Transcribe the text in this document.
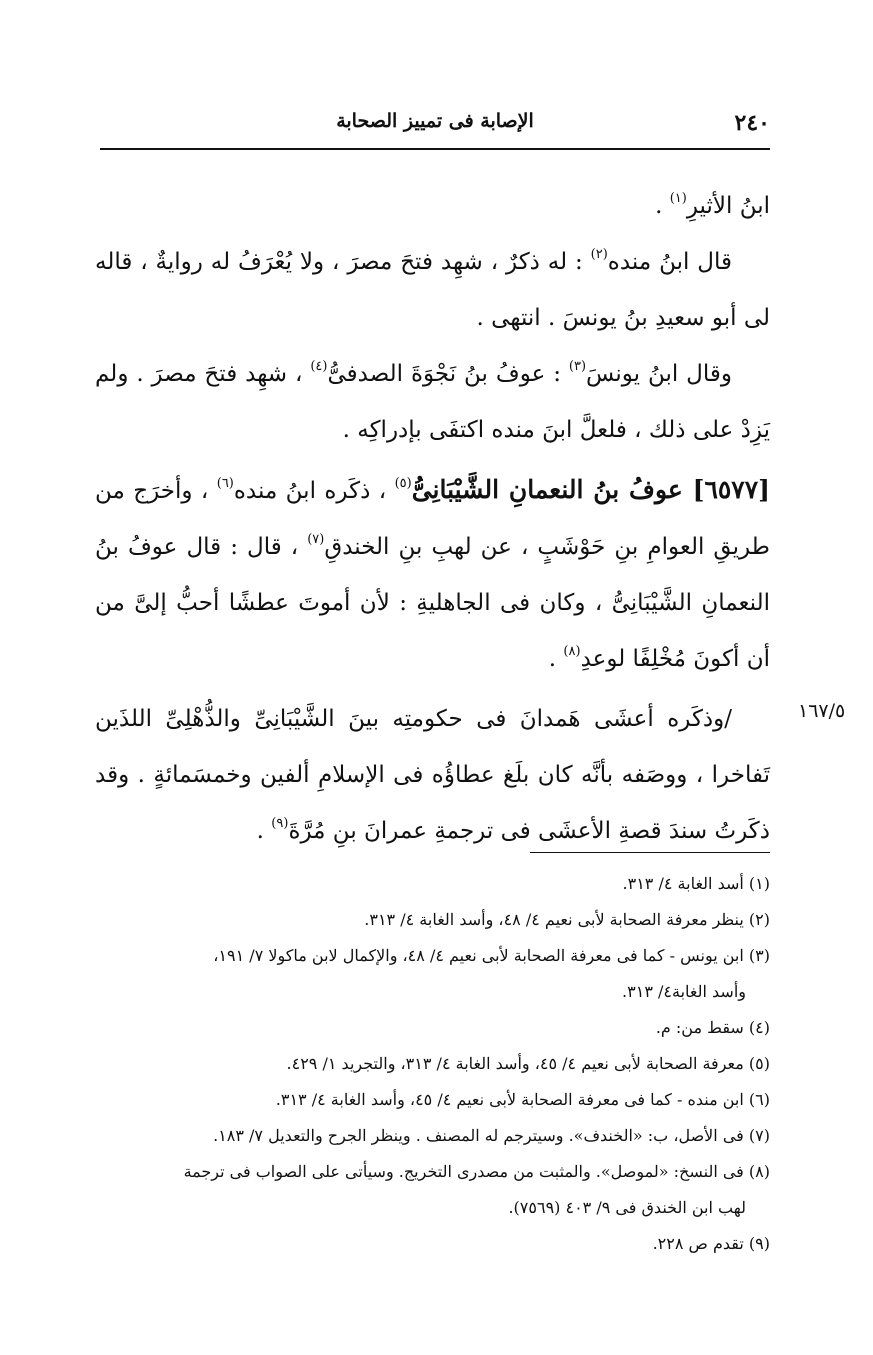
٢٤٠
الإصابة فى تمييز الصحابة

ابنُ الأثيرِ$^{(١)}$ .

قال ابنُ منده$^{(٢)}$ : له ذكرٌ ، شهِد فتحَ مصرَ ، ولا يُعْرَفُ له روايةٌ ، قاله لى أبو سعيدِ بنُ يونسَ . انتهى .

وقال ابنُ يونسَ$^{(٣)}$ : عوفُ بنُ نَجْوَةَ الصدفىُّ$^{(٤)}$ ، شهِد فتحَ مصرَ . ولم يَزِدْ على ذلك ، فلعلَّ ابنَ منده اكتفَى بإدراكِه .

[٦٥٧٧] عوفُ بنُ النعمانِ الشَّيْبَانِىُّ$^{(٥)}$ ، ذكَره ابنُ منده$^{(٦)}$ ، وأخرَج من طريقِ العوامِ بنِ حَوْشَبٍ ، عن لهبِ بنِ الخندقِ$^{(٧)}$ ، قال : قال عوفُ بنُ النعمانِ الشَّيْبَانِىُّ ، وكان فى الجاهليةِ : لأن أموتَ عطشًا أحبُّ إلىَّ من أن أكونَ مُخْلِفًا لوعدِ$^{(٨)}$ .

/وذكَره أعشَى هَمدانَ فى حكومتِه بينَ الشَّيْبَانِىِّ والذُّهْلِىِّ اللذَين تَفاخرا ، ووصَفه بأنَّه كان بلَغ عطاؤُه فى الإسلامِ ألفين وخمسَمائةٍ . وقد ذكَرتُ سندَ قصةِ الأعشَى فى ترجمةِ عمرانَ بنِ مُرَّةَ$^{(٩)}$ .

١٦٧/٥

(١) أسد الغابة ٤/ ٣١٣.

(٢) ينظر معرفة الصحابة لأبى نعيم ٤/ ٤٨، وأسد الغابة ٤/ ٣١٣.

(٣) ابن يونس - كما فى معرفة الصحابة لأبى نعيم ٤/ ٤٨، والإكمال لابن ماكولا ٧/ ١٩١،

وأسد الغابة٤/ ٣١٣.

(٤) سقط من: م.

(٥) معرفة الصحابة لأبى نعيم ٤/ ٤٥، وأسد الغابة ٤/ ٣١٣، والتجريد ١/ ٤٢٩.

(٦) ابن منده - كما فى معرفة الصحابة لأبى نعيم ٤/ ٤٥، وأسد الغابة ٤/ ٣١٣.

(٧) فى الأصل، ب: «الخندف». وسيترجم له المصنف . وينظر الجرح والتعديل ٧/ ١٨٣.

(٨) فى النسخ: «لموصل». والمثبت من مصدرى التخريج. وسيأتى على الصواب فى ترجمة

لهب ابن الخندق فى ٩/ ٤٠٣ (٧٥٦٩).

(٩) تقدم ص ٢٢٨.
